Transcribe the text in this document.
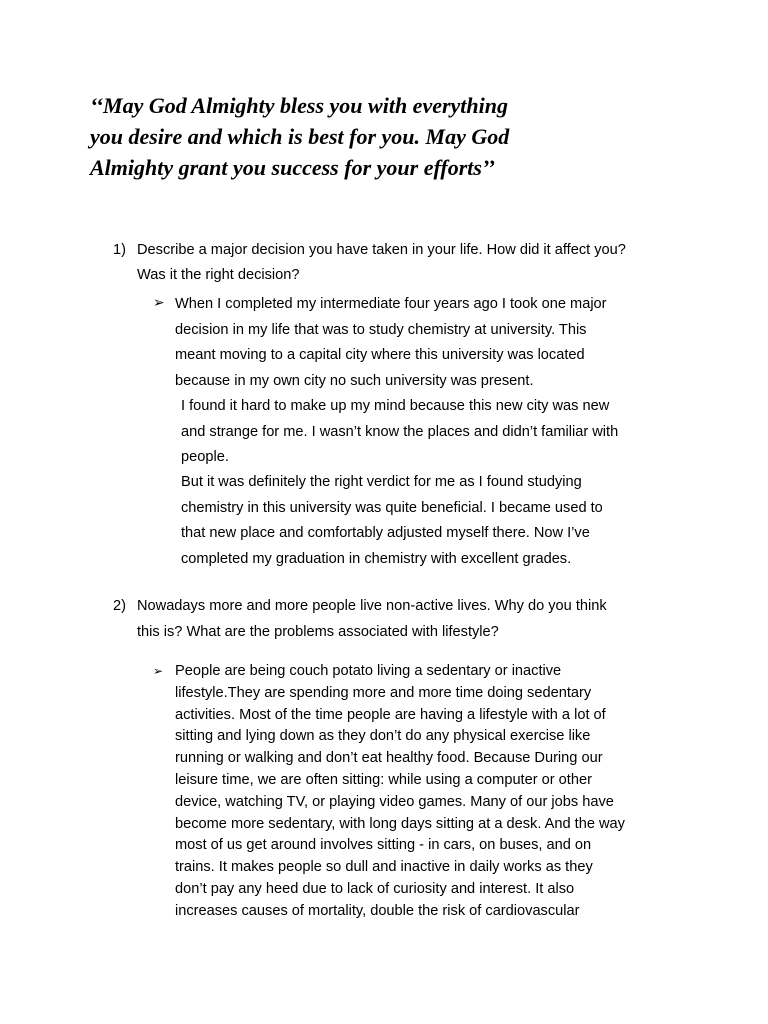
‘‘May God Almighty bless you with everything
you desire and which is best for you. May God
Almighty grant you success for your efforts’’

1) Describe a major decision you have taken in your life. How did it affect you?

Was it the right decision?

➢ When I completed my intermediate four years ago I took one major
decision in my life that was to study chemistry at university. This
meant moving to a capital city where this university was located
because in my own city no such university was present.

I found it hard to make up my mind because this new city was new
and strange for me. I wasn’t know the places and didn’t familiar with
people.

But it was definitely the right verdict for me as I found studying
chemistry in this university was quite beneficial. I became used to
that new place and comfortably adjusted myself there. Now I’ve
completed my graduation in chemistry with excellent grades.

2) Nowadays more and more people live non-active lives. Why do you think

this is? What are the problems associated with lifestyle?

➢ People are being couch potato living a sedentary or inactive
lifestyle.They are spending more and more time doing sedentary
activities. Most of the time people are having a lifestyle with a lot of
sitting and lying down as they don’t do any physical exercise like
running or walking and don’t eat healthy food. Because During our
leisure time, we are often sitting: while using a computer or other
device, watching TV, or playing video games. Many of our jobs have
become more sedentary, with long days sitting at a desk. And the way
most of us get around involves sitting - in cars, on buses, and on
trains. It makes people so dull and inactive in daily works as they
don’t pay any heed due to lack of curiosity and interest. It also
increases causes of mortality, double the risk of cardiovascular
